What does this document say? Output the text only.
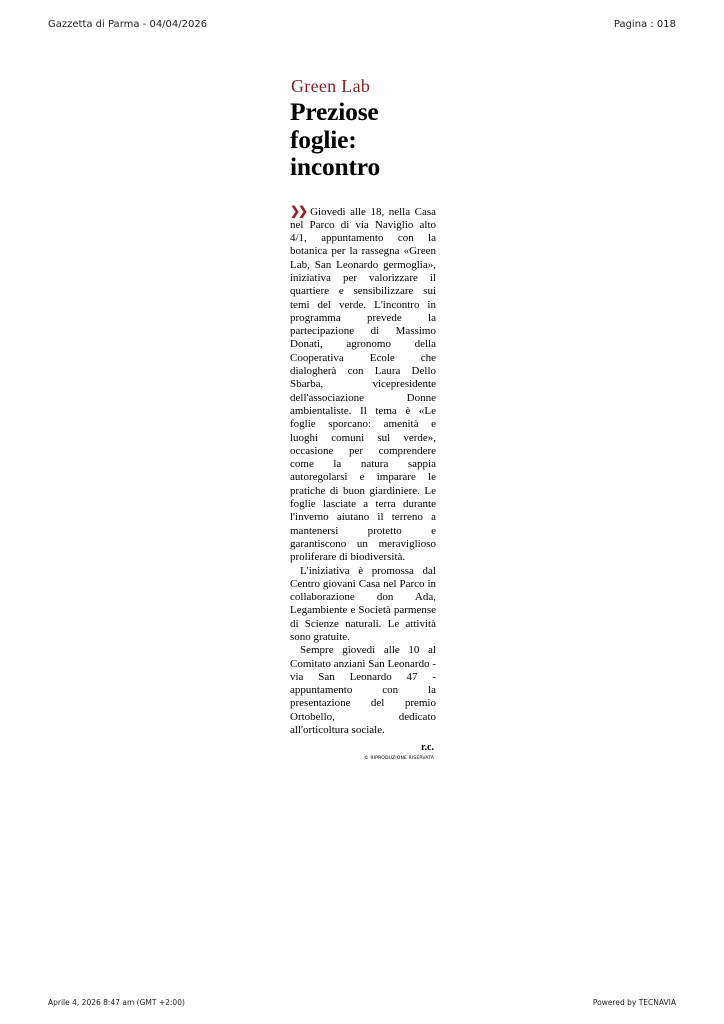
Gazzetta di Parma - 04/04/2026	Pagina : 018
Green Lab
Preziose foglie: incontro

❯❯ Giovedì alle 18, nella Casa nel Parco di via Naviglio alto 4/1, appuntamento con la botanica per la rassegna «Green Lab, San Leonardo germoglia», iniziativa per valorizzare il quartiere e sensibilizzare sui temi del verde. L'incontro in programma prevede la partecipazione di Massimo Donati, agronomo della Cooperativa Ecole che dialogherà con Laura Dello Sbarba, vicepresidente dell'associazione Donne ambientaliste. Il tema è «Le foglie sporcano: amenità e luoghi comuni sul verde», occasione per comprendere come la natura sappia autoregolarsi e imparare le pratiche di buon giardiniere. Le foglie lasciate a terra durante l'inverno aiutano il terreno a mantenersi protetto e garantiscono un meraviglioso proliferare di biodiversità.

L'iniziativa è promossa dal Centro giovani Casa nel Parco in collaborazione don Ada, Legambiente e Società parmense di Scienze naturali. Le attività sono gratuite.

Sempre giovedì alle 10 al Comitato anziani San Leonardo - via San Leonardo 47 - appuntamento con la presentazione del premio Ortobello, dedicato all'orticoltura sociale.

r.c.
© RIPRODUZIONE RISERVATA
Aprile 4, 2026 8:47 am (GMT +2:00)	Powered by TECNAVIA
